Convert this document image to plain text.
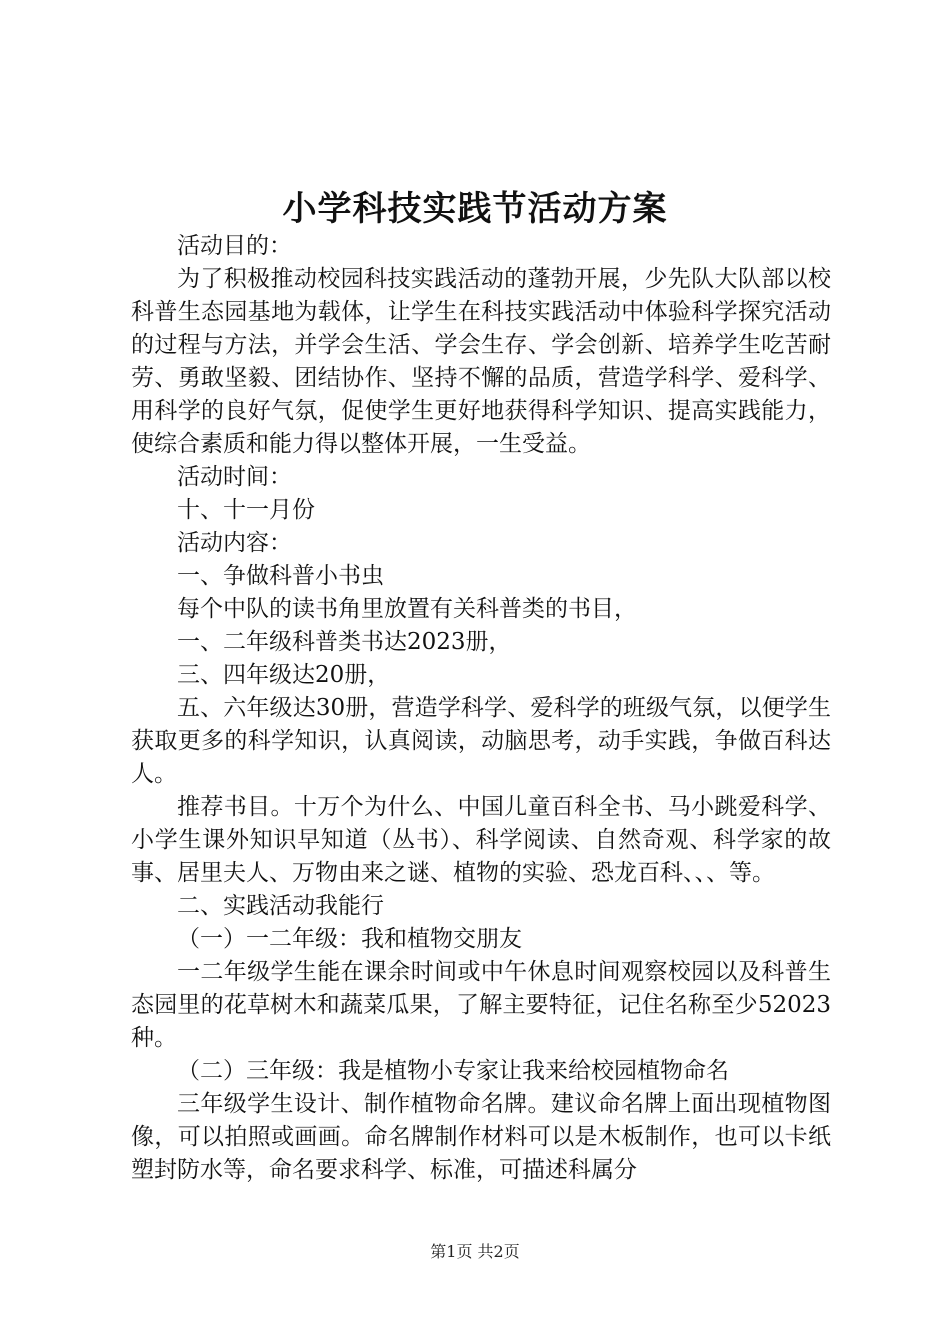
小学科技实践节活动方案

活动目的：

为了积极推动校园科技实践活动的蓬勃开展，少先队大队部以校科普生态园基地为载体，让学生在科技实践活动中体验科学探究活动的过程与方法，并学会生活、学会生存、学会创新、培养学生吃苦耐劳、勇敢坚毅、团结协作、坚持不懈的品质，营造学科学、爱科学、用科学的良好气氛，促使学生更好地获得科学知识、提高实践能力，使综合素质和能力得以整体开展，一生受益。

活动时间：

十、十一月份

活动内容：

一、争做科普小书虫

每个中队的读书角里放置有关科普类的书目，

一、二年级科普类书达2023册，

三、四年级达20册，

五、六年级达30册，营造学科学、爱科学的班级气氛，以便学生获取更多的科学知识，认真阅读，动脑思考，动手实践，争做百科达人。

推荐书目。十万个为什么、中国儿童百科全书、马小跳爱科学、小学生课外知识早知道（丛书）、科学阅读、自然奇观、科学家的故事、居里夫人、万物由来之谜、植物的实验、恐龙百科、、、等。

二、实践活动我能行

（一）一二年级：我和植物交朋友

一二年级学生能在课余时间或中午休息时间观察校园以及科普生态园里的花草树木和蔬菜瓜果，了解主要特征，记住名称至少52023种。

（二）三年级：我是植物小专家让我来给校园植物命名

三年级学生设计、制作植物命名牌。建议命名牌上面出现植物图像，可以拍照或画画。命名牌制作材料可以是木板制作，也可以卡纸塑封防水等，命名要求科学、标准，可描述科属分

第1页 共2页
